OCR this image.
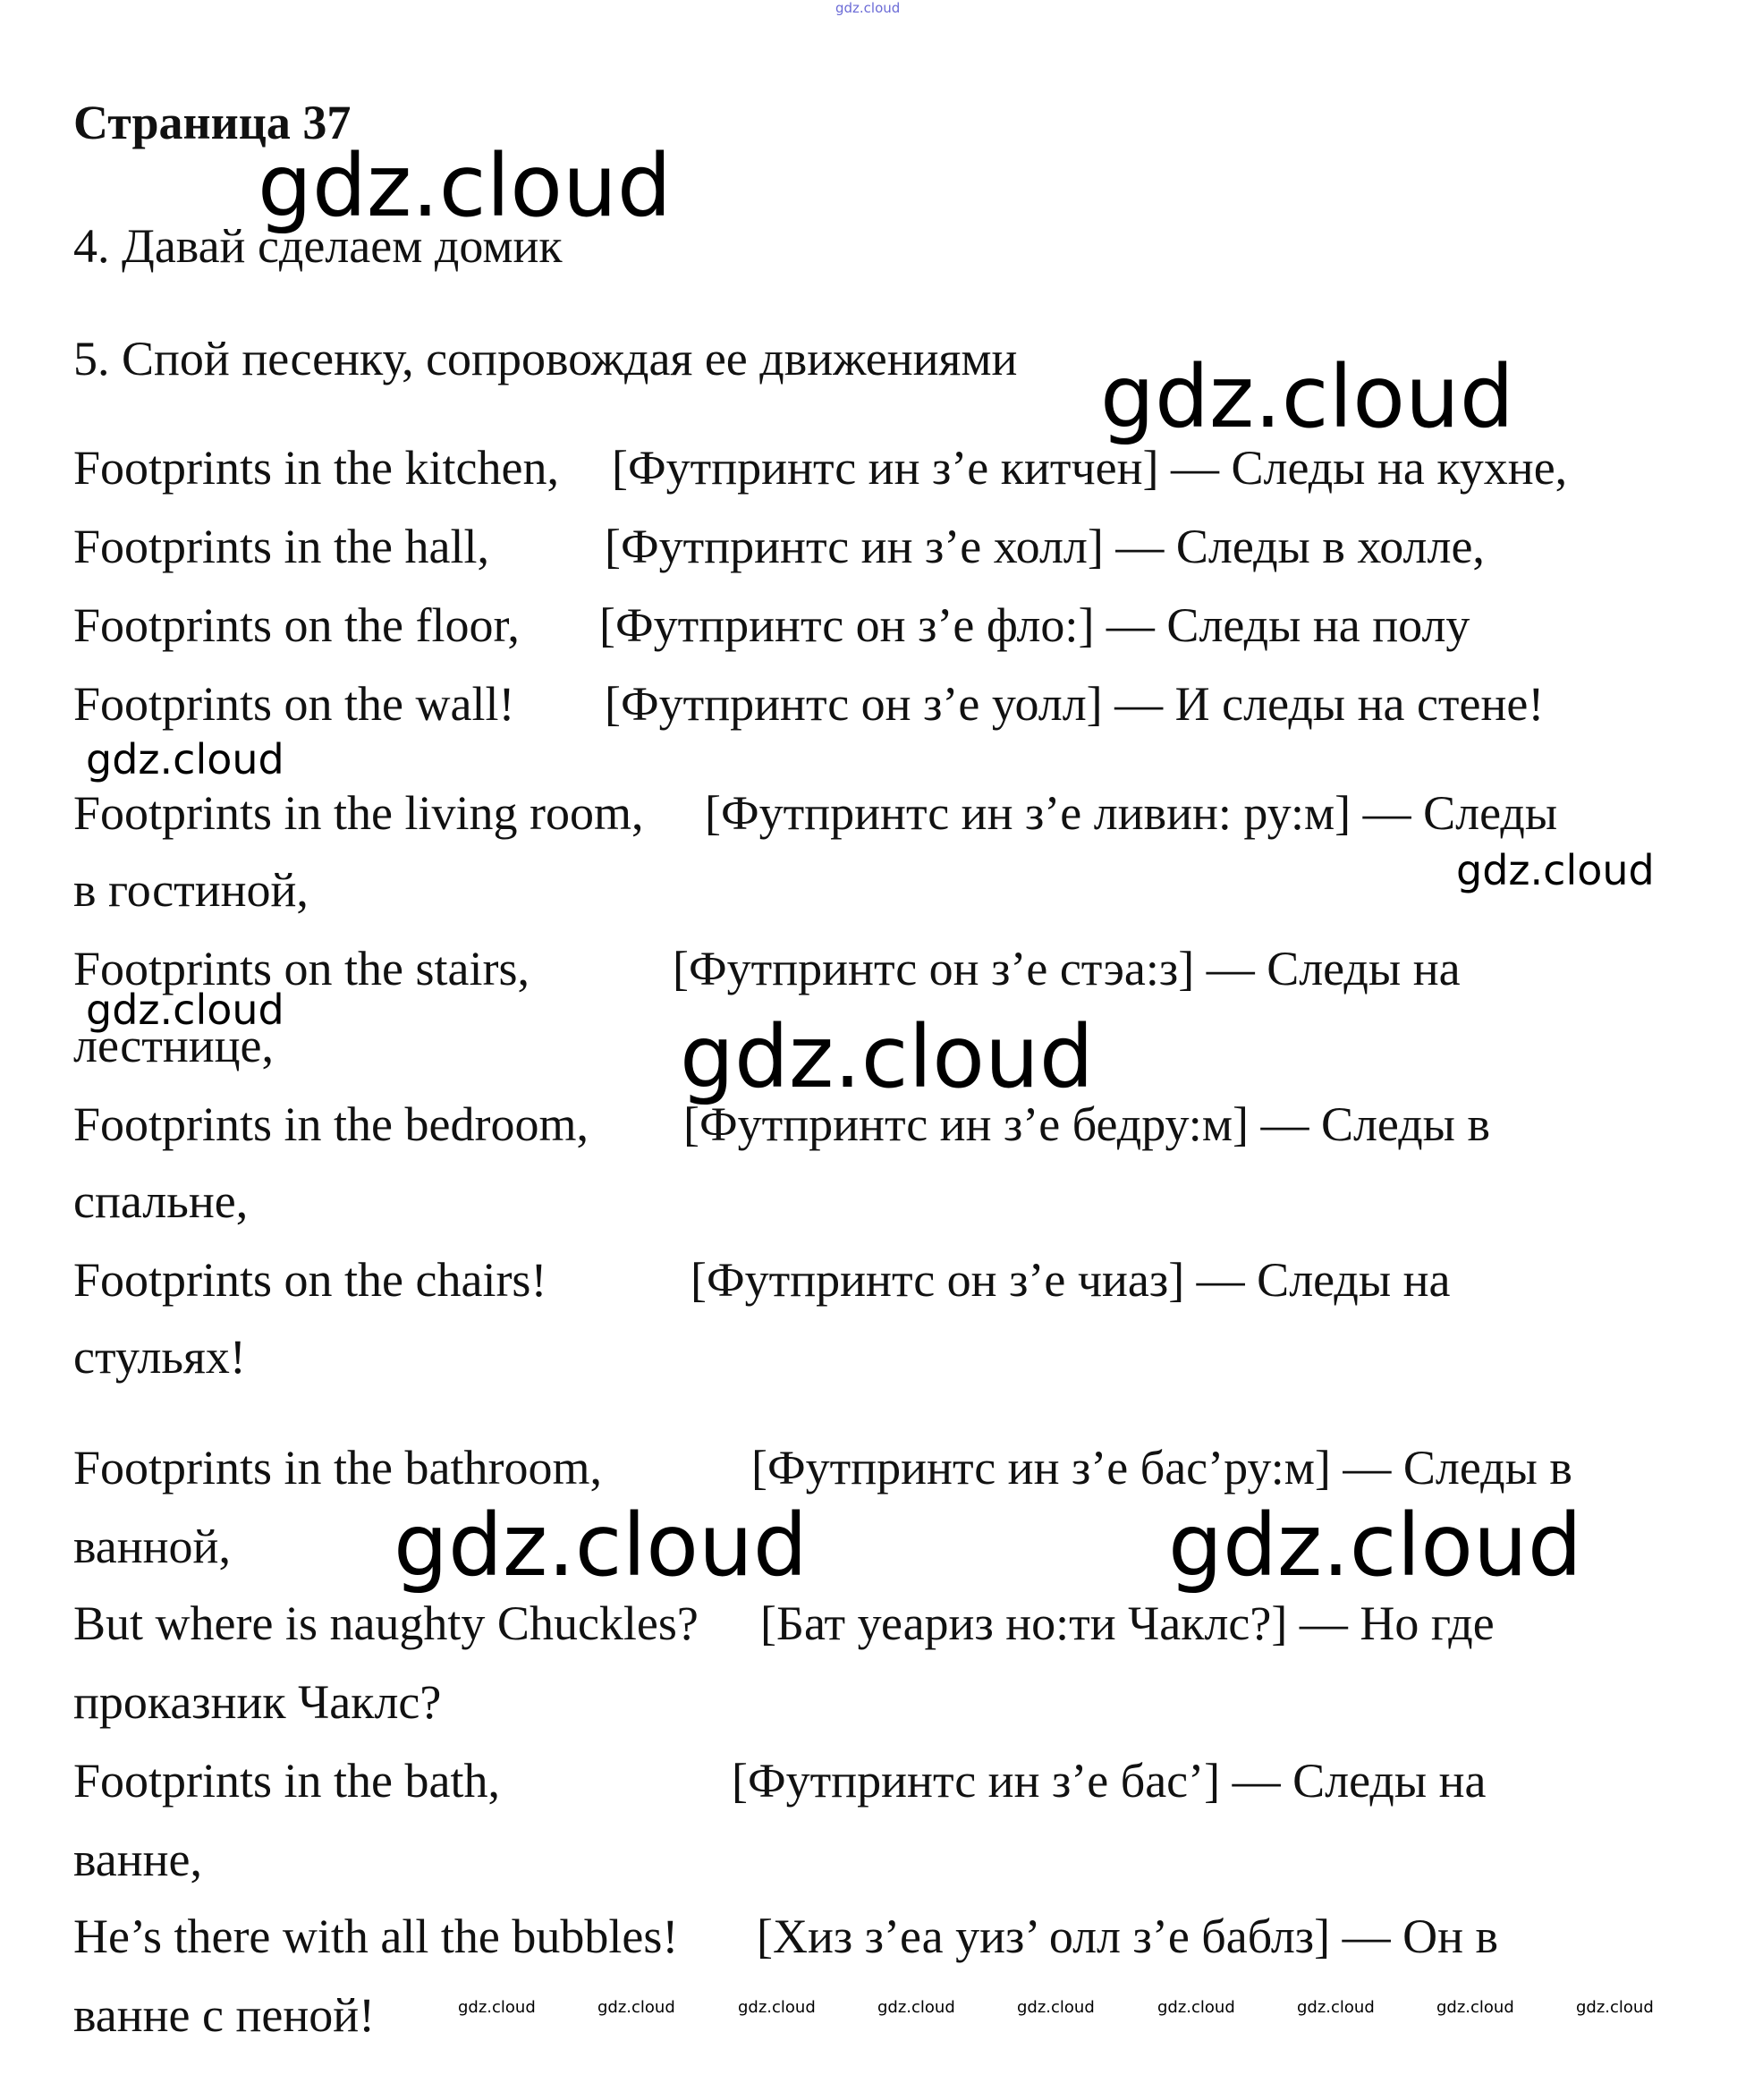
gdz.cloud
Страница 37
4. Давай сделаем домик
5. Спой песенку, сопровождая ее движениями
Footprints in the kitchen, [Футпринтс ин з’е китчен] — Следы на кухне,
Footprints in the hall, [Футпринтс ин з’е холл] — Следы в холле,
Footprints on the floor, [Футпринтс он з’е фло:] — Следы на полу
Footprints on the wall! [Футпринтс он з’е уолл] — И следы на стене!
Footprints in the living room, [Футпринтс ин з’е ливин: ру:м] — Следы
в гостиной,
Footprints on the stairs,	[Футпринтс он з’е стэа:з] — Следы на
лестнице,
Footprints in the bedroom, [Футпринтс ин з’е бедру:м] — Следы в
спальне,
Footprints on the chairs!	[Футпринтс он з’е чиаз] — Следы на
стульях!
Footprints in the bathroom,	[Футпринтс ин з’е бас’ру:м] — Следы в
ванной,
But where is naughty Chuckles? [Бат уеариз но:ти Чаклс?] — Но где
проказник Чаклс?
Footprints in the bath,	[Футпринтс ин з’е бас’] — Следы на
ванне,
He’s there with all the bubbles! [Хиз з’еа уиз’ олл з’е баблз] — Он в
ванне с пеной!
gdz.cloud
gdz.cloud
gdz.cloud
gdz.cloud
gdz.cloud	gdz.cloud
gdz.cloud	gdz.cloud
gdz.cloud	gdz.cloud	gdz.cloud	gdz.cloud	gdz.cloud	gdz.cloud	gdz.cloud	gdz.cloud	gdz.cloud
